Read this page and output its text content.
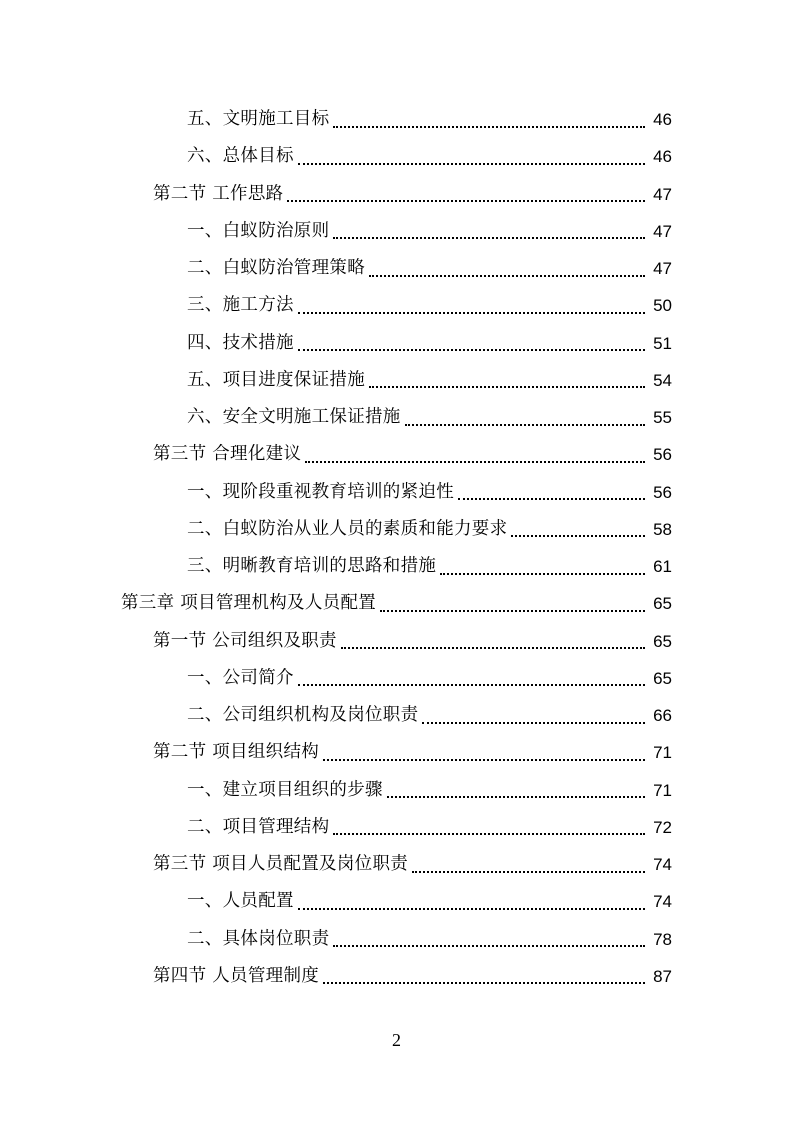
五、文明施工目标	46
六、总体目标	46
第二节 工作思路	47
一、白蚁防治原则	47
二、白蚁防治管理策略	47
三、施工方法	50
四、技术措施	51
五、项目进度保证措施	54
六、安全文明施工保证措施	55
第三节 合理化建议	56
一、现阶段重视教育培训的紧迫性	56
二、白蚁防治从业人员的素质和能力要求	58
三、明晰教育培训的思路和措施	61
第三章 项目管理机构及人员配置	65
第一节 公司组织及职责	65
一、公司简介	65
二、公司组织机构及岗位职责	66
第二节 项目组织结构	71
一、建立项目组织的步骤	71
二、项目管理结构	72
第三节 项目人员配置及岗位职责	74
一、人员配置	74
二、具体岗位职责	78
第四节 人员管理制度	87
2
